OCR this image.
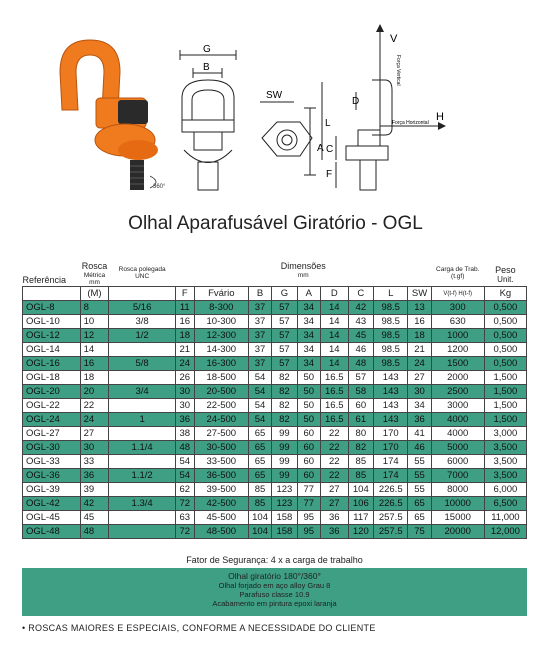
360°
G
B
SW
A
V
D
L
C
F
H
Força Horizontal
Força Vertical
Olhal Aparafusável Giratório - OGL
Referência	Rosca
Métrica
mm	Rosca polegada
UNC	Dimensões
mm									Carga de Trab.
(t.gf)	Peso
Unit.

	(M)		F	Fvário	B	G	A	D	C	L	SW	V(t-f) H(t-f)	Kg
OGL-8	8	5/16	11	8-300	37	57	34	14	42	98.5	13	300	0,500
OGL-10	10	3/8	16	10-300	37	57	34	14	43	98.5	16	630	0,500
OGL-12	12	1/2	18	12-300	37	57	34	14	45	98.5	18	1000	0,500
OGL-14	14		21	14-300	37	57	34	14	46	98.5	21	1200	0,500
OGL-16	16	5/8	24	16-300	37	57	34	14	48	98.5	24	1500	0,500
OGL-18	18		26	18-500	54	82	50	16.5	57	143	27	2000	1,500
OGL-20	20	3/4	30	20-500	54	82	50	16.5	58	143	30	2500	1,500
OGL-22	22		30	22-500	54	82	50	16.5	60	143	34	3000	1,500
OGL-24	24	1	36	24-500	54	82	50	16.5	61	143	36	4000	1,500
OGL-27	27		38	27-500	65	99	60	22	80	170	41	4000	3,000
OGL-30	30	1.1/4	48	30-500	65	99	60	22	82	170	46	5000	3,500
OGL-33	33		54	33-500	65	99	60	22	85	174	55	6000	3,500
OGL-36	36	1.1/2	54	36-500	65	99	60	22	85	174	55	7000	3,500
OGL-39	39		62	39-500	85	123	77	27	104	226.5	55	8000	6,000
OGL-42	42	1.3/4	72	42-500	85	123	77	27	106	226.5	65	10000	6,500
OGL-45	45		63	45-500	104	158	95	36	117	257.5	65	15000	11,000
OGL-48	48		72	48-500	104	158	95	36	120	257.5	75	20000	12,000
Fator de Segurança: 4 x a carga de trabalho
Olhal giratório 180°/360°
Olhal forjado em aço alloy Grau 8
Parafuso classe 10.9
Acabamento em pintura epoxi laranja
• ROSCAS MAIORES E ESPECIAIS, CONFORME A NECESSIDADE DO CLIENTE
